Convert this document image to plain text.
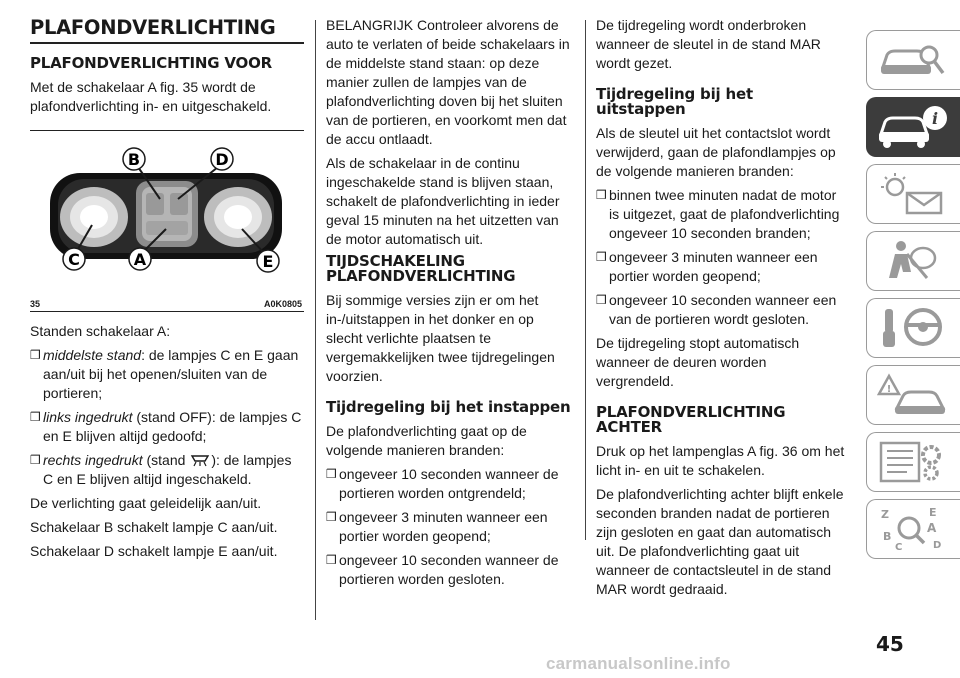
PLAFONDVERLICHTING
PLAFONDVERLICHTING VOOR

Met de schakelaar A fig. 35 wordt de plafondverlichting in- en uitgeschakeld.

B	D
C	A	E
35	A0K0805

Standen schakelaar A:

❒ middelste stand: de lampjes C en E gaan aan/uit bij het openen/sluiten van de portieren;

❒ links ingedrukt (stand OFF): de lampjes C en E blijven altijd gedoofd;

❒ rechts ingedrukt (stand ): de lampjes C en E blijven altijd ingeschakeld.

De verlichting gaat geleidelijk aan/uit.

Schakelaar B schakelt lampje C aan/uit.

Schakelaar D schakelt lampje E aan/uit.

BELANGRIJK Controleer alvorens de auto te verlaten of beide schakelaars in de middelste stand staan: op deze manier zullen de lampjes van de plafondverlichting doven bij het sluiten van de portieren, en voorkomt men dat de accu ontlaadt.

Als de schakelaar in de continu ingeschakelde stand is blijven staan, schakelt de plafondverlichting in ieder geval 15 minuten na het uitzetten van de motor automatisch uit.

TIJDSCHAKELING PLAFONDVERLICHTING

Bij sommige versies zijn er om het in-/uitstappen in het donker en op slecht verlichte plaatsen te vergemakkelijken twee tijdregelingen voorzien.

Tijdregeling bij het instappen

De plafondverlichting gaat op de volgende manieren branden:

❒ ongeveer 10 seconden wanneer de portieren worden ontgrendeld;

❒ ongeveer 3 minuten wanneer een portier worden geopend;

❒ ongeveer 10 seconden wanneer de portieren worden gesloten.

De tijdregeling wordt onderbroken wanneer de sleutel in de stand MAR wordt gezet.

Tijdregeling bij het uitstappen

Als de sleutel uit het contactslot wordt verwijderd, gaan de plafondlampjes op de volgende manieren branden:

❒ binnen twee minuten nadat de motor is uitgezet, gaat de plafondverlichting ongeveer 10 seconden branden;

❒ ongeveer 3 minuten wanneer een portier worden geopend;

❒ ongeveer 10 seconden wanneer een van de portieren wordt gesloten.

De tijdregeling stopt automatisch wanneer de deuren worden vergrendeld.

PLAFONDVERLICHTING ACHTER

Druk op het lampenglas A fig. 36 om het licht in- en uit te schakelen.

De plafondverlichting achter blijft enkele seconden branden nadat de portieren zijn gesloten en gaat dan automatisch uit. De plafondverlichting gaat uit wanneer de contactsleutel in de stand MAR wordt gedraaid.

i
!
Z	E
A
B
C	D
45
carmanualsonline.info
